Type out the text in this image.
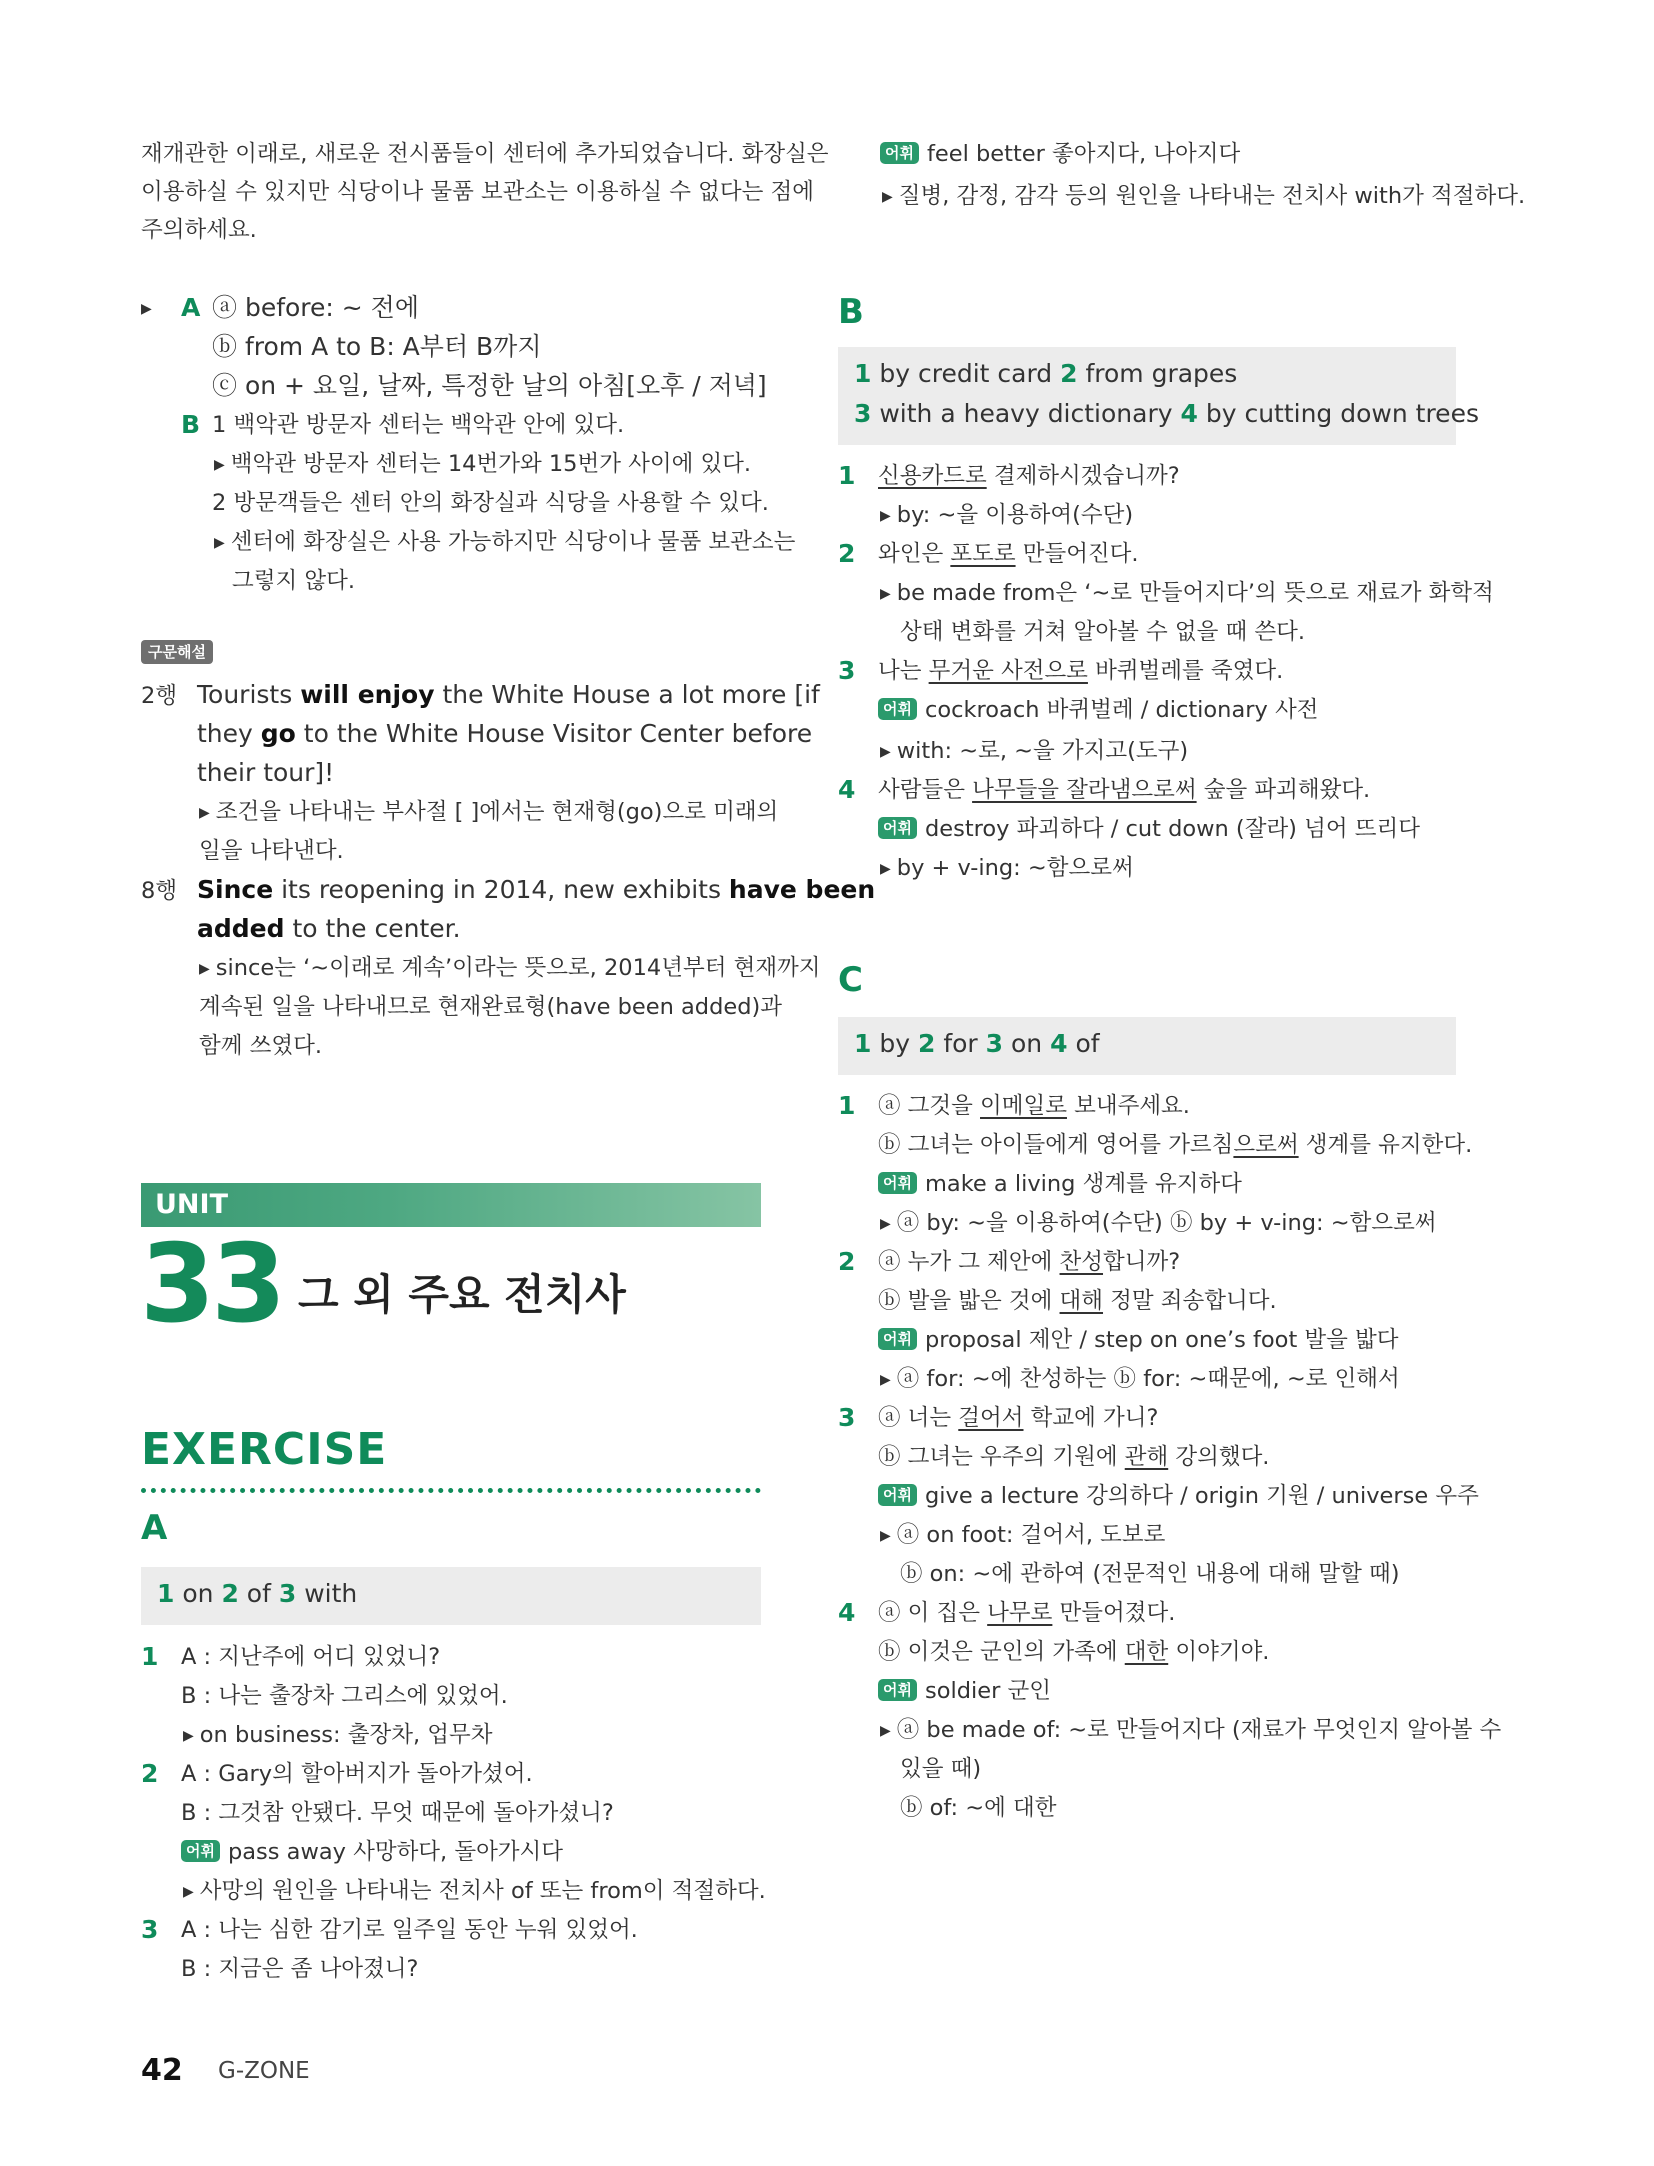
재개관한 이래로, 새로운 전시품들이 센터에 추가되었습니다. 화장실은
이용하실 수 있지만 식당이나 물품 보관소는 이용하실 수 없다는 점에
주의하세요.
▶
A ⓐ before: ~ 전에
ⓑ from A to B: A부터 B까지
ⓒ on + 요일, 날짜, 특정한 날의 아침[오후 / 저녁]
B 1 백악관 방문자 센터는 백악관 안에 있다.
▶ 백악관 방문자 센터는 14번가와 15번가 사이에 있다.
2 방문객들은 센터 안의 화장실과 식당을 사용할 수 있다.
▶ 센터에 화장실은 사용 가능하지만 식당이나 물품 보관소는
그렇지 않다.
구문해설
2행 Tourists will enjoy the White House a lot more [if
they go to the White House Visitor Center before
their tour]!
▶ 조건을 나타내는 부사절 [ ]에서는 현재형(go)으로 미래의
일을 나타낸다.
8행 Since its reopening in 2014, new exhibits have been
added to the center.
▶ since는 ‘~이래로 계속’이라는 뜻으로, 2014년부터 현재까지
계속된 일을 나타내므로 현재완료형(have been added)과
함께 쓰였다.
UNIT
33 그 외 주요 전치사
EXERCISE
A
1 on 2 of 3 with
1 A : 지난주에 어디 있었니?
B : 나는 출장차 그리스에 있었어.
▶ on business: 출장차, 업무차
2 A : Gary의 할아버지가 돌아가셨어.
B : 그것참 안됐다. 무엇 때문에 돌아가셨니?
어휘 pass away 사망하다, 돌아가시다
▶ 사망의 원인을 나타내는 전치사 of 또는 from이 적절하다.
3 A : 나는 심한 감기로 일주일 동안 누워 있었어.
B : 지금은 좀 나아졌니?
42 G-ZONE
어휘 feel better 좋아지다, 나아지다
▶ 질병, 감정, 감각 등의 원인을 나타내는 전치사 with가 적절하다.
B
1 by credit card 2 from grapes
3 with a heavy dictionary 4 by cutting down trees
1 신용카드로 결제하시겠습니까?
▶ by: ~을 이용하여(수단)
2 와인은 포도로 만들어진다.
▶ be made from은 ‘~로 만들어지다’의 뜻으로 재료가 화학적
상태 변화를 거쳐 알아볼 수 없을 때 쓴다.
3 나는 무거운 사전으로 바퀴벌레를 죽였다.
어휘 cockroach 바퀴벌레 / dictionary 사전
▶ with: ~로, ~을 가지고(도구)
4 사람들은 나무들을 잘라냄으로써 숲을 파괴해왔다.
어휘 destroy 파괴하다 / cut down (잘라) 넘어 뜨리다
▶ by + v-ing: ~함으로써
C
1 by 2 for 3 on 4 of
1 ⓐ 그것을 이메일로 보내주세요.
ⓑ 그녀는 아이들에게 영어를 가르침으로써 생계를 유지한다.
어휘 make a living 생계를 유지하다
▶ ⓐ by: ~을 이용하여(수단) ⓑ by + v-ing: ~함으로써
2 ⓐ 누가 그 제안에 찬성합니까?
ⓑ 발을 밟은 것에 대해 정말 죄송합니다.
어휘 proposal 제안 / step on one’s foot 발을 밟다
▶ ⓐ for: ~에 찬성하는 ⓑ for: ~때문에, ~로 인해서
3 ⓐ 너는 걸어서 학교에 가니?
ⓑ 그녀는 우주의 기원에 관해 강의했다.
어휘 give a lecture 강의하다 / origin 기원 / universe 우주
▶ ⓐ on foot: 걸어서, 도보로
ⓑ on: ~에 관하여 (전문적인 내용에 대해 말할 때)
4 ⓐ 이 집은 나무로 만들어졌다.
ⓑ 이것은 군인의 가족에 대한 이야기야.
어휘 soldier 군인
▶ ⓐ be made of: ~로 만들어지다 (재료가 무엇인지 알아볼 수
있을 때)
ⓑ of: ~에 대한
